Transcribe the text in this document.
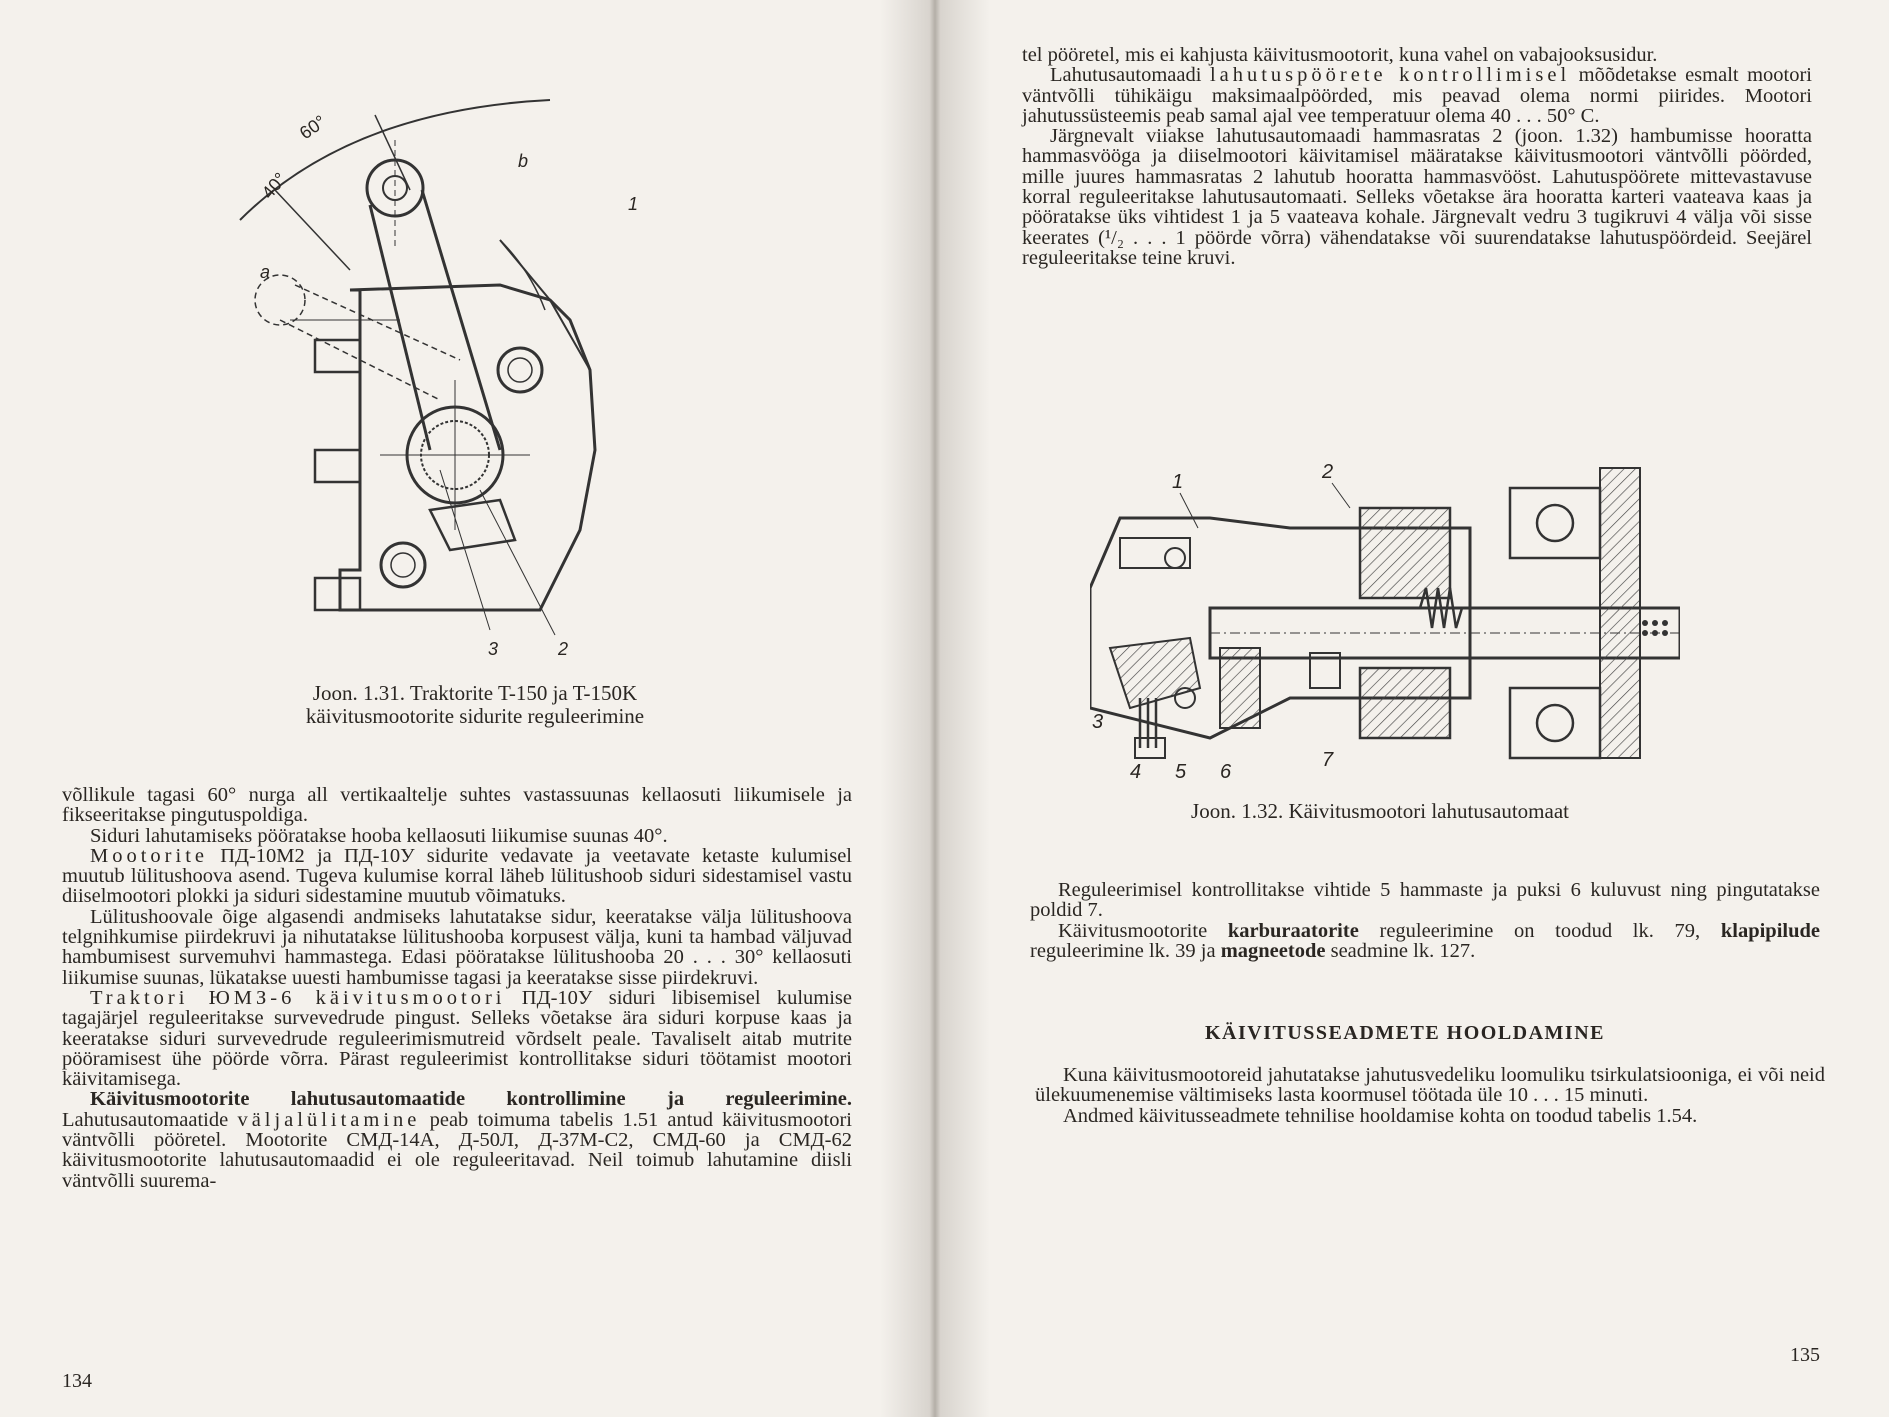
60°
40°
a
b
1
3	2
Joon. 1.31. Traktorite T-150 ja T-150K
käivitusmootorite sidurite reguleerimine

võllikule tagasi 60° nurga all vertikaaltelje suhtes vastassuunas kellaosuti liikumisele ja fikseeritakse pingutuspoldiga.

Siduri lahutamiseks pööratakse hooba kellaosuti liikumise suunas 40°.

Mootorite ПД-10М2 ja ПД-10У sidurite vedavate ja veetavate ketaste kulumisel muutub lülitushoova asend. Tugeva kulumise korral läheb lülitushoob siduri sidestamisel vastu diiselmootori plokki ja siduri sidestamine muutub võimatuks.

Lülitushoovale õige algasendi andmiseks lahutatakse sidur, keeratakse välja lülitushoova telgnihkumise piirdekruvi ja nihutatakse lülitushooba korpusest välja, kuni ta hambad väljuvad hambumisest survemuhvi hammastega. Edasi pööratakse lülitushooba 20 . . . 30° kellaosuti liikumise suunas, lükatakse uuesti hambumisse tagasi ja keeratakse sisse piirdekruvi.

Traktori ЮМЗ-6 käivitusmootori ПД-10У siduri libisemisel kulumise tagajärjel reguleeritakse survevedrude pingust. Selleks võetakse ära siduri korpuse kaas ja keeratakse siduri survevedrude reguleerimismutreid võrdselt peale. Tavaliselt aitab mutrite pööramisest ühe pöörde võrra. Pärast reguleerimist kontrollitakse siduri töötamist mootori käivitamisega.

Käivitusmootorite lahutusautomaatide kontrollimine ja reguleerimine. Lahutusautomaatide väljalülitamine peab toimuma tabelis 1.51 antud käivitusmootori väntvõlli pööretel. Mootorite СМД-14А, Д-50Л, Д-37М-С2, СМД-60 ja СМД-62 käivitusmootorite lahutusautomaadid ei ole reguleeritavad. Neil toimub lahutamine diisli väntvõlli suurema-

134

tel pööretel, mis ei kahjusta käivitusmootorit, kuna vahel on vabajooksusidur.

Lahutusautomaadi lahutuspöörete kontrollimisel mõõdetakse esmalt mootori väntvõlli tühikäigu maksimaalpöörded, mis peavad olema normi piirides. Mootori jahutussüsteemis peab samal ajal vee temperatuur olema 40 . . . 50° C.

Järgnevalt viiakse lahutusautomaadi hammasratas 2 (joon. 1.32) hambumisse hooratta hammasvööga ja diiselmootori käivitamisel määratakse käivitusmootori väntvõlli pöörded, mille juures hammasratas 2 lahutub hooratta hammasvööst. Lahutuspöörete mittevastavuse korral reguleeritakse lahutusautomaati. Selleks võetakse ära hooratta karteri vaateava kaas ja pööratakse üks vihtidest 1 ja 5 vaateava kohale. Järgnevalt vedru 3 tugikruvi 4 välja või sisse keerates (¹/₂ . . . 1 pöörde võrra) vähendatakse või suurendatakse lahutuspöördeid. Seejärel reguleeritakse teine kruvi.

1	2
3
4 5 6
7
Joon. 1.32. Käivitusmootori lahutusautomaat

Reguleerimisel kontrollitakse vihtide 5 hammaste ja puksi 6 kuluvust ning pingutatakse poldid 7.

Käivitusmootorite karburaatorite reguleerimine on toodud lk. 79, klapipilude reguleerimine lk. 39 ja magneetode seadmine lk. 127.

KÄIVITUSSEADMETE HOOLDAMINE

Kuna käivitusmootoreid jahutatakse jahutusvedeliku loomuliku tsirkulatsiooniga, ei või neid ülekuumenemise vältimiseks lasta koormusel töötada üle 10 . . . 15 minuti.

Andmed käivitusseadmete tehnilise hooldamise kohta on toodud tabelis 1.54.

135
